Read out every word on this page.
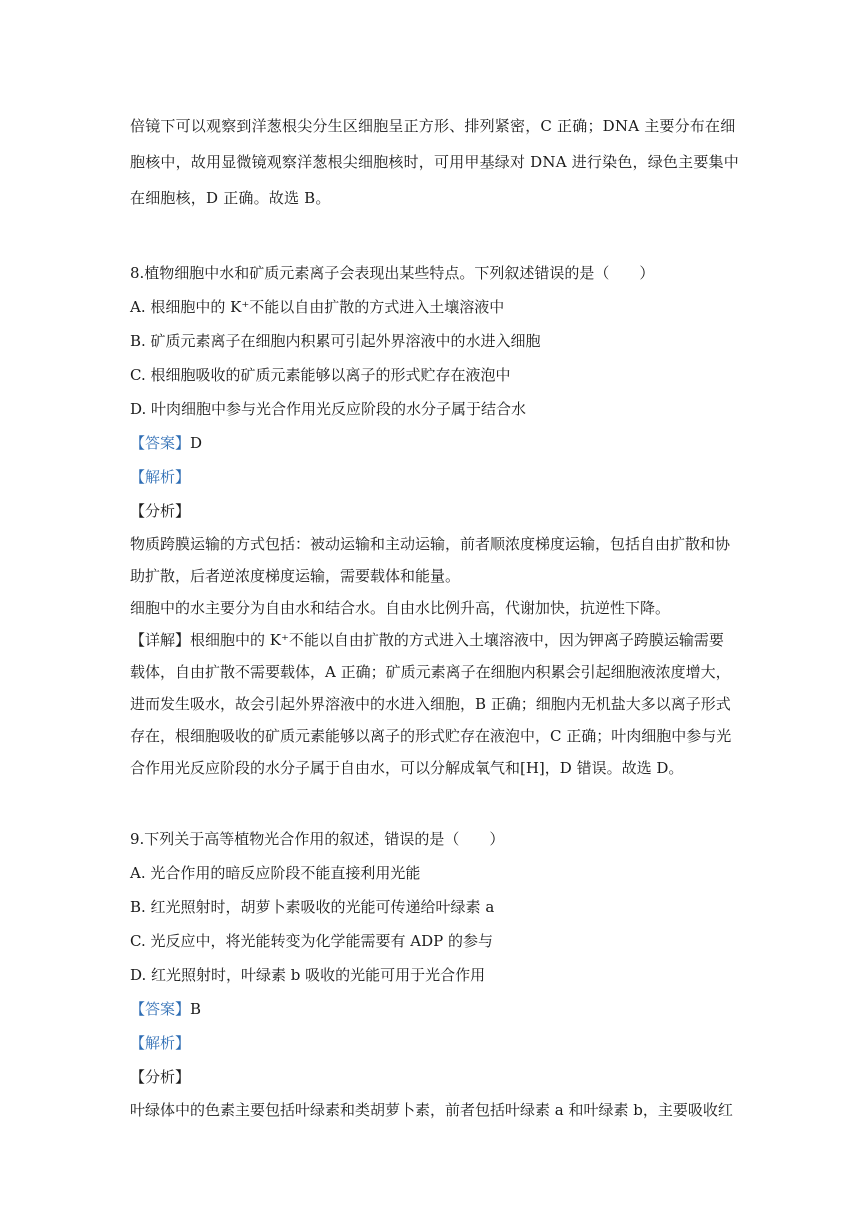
倍镜下可以观察到洋葱根尖分生区细胞呈正方形、排列紧密，C 正确；DNA 主要分布在细
胞核中，故用显微镜观察洋葱根尖细胞核时，可用甲基绿对 DNA 进行染色，绿色主要集中
在细胞核，D 正确。故选 B。
8.植物细胞中水和矿质元素离子会表现出某些特点。下列叙述错误的是（　　）
A. 根细胞中的 K⁺不能以自由扩散的方式进入土壤溶液中
B. 矿质元素离子在细胞内积累可引起外界溶液中的水进入细胞
C. 根细胞吸收的矿质元素能够以离子的形式贮存在液泡中
D. 叶肉细胞中参与光合作用光反应阶段的水分子属于结合水
【答案】D
【解析】
【分析】
物质跨膜运输的方式包括：被动运输和主动运输，前者顺浓度梯度运输，包括自由扩散和协
助扩散，后者逆浓度梯度运输，需要载体和能量。
细胞中的水主要分为自由水和结合水。自由水比例升高，代谢加快，抗逆性下降。
【详解】根细胞中的 K⁺不能以自由扩散的方式进入土壤溶液中，因为钾离子跨膜运输需要
载体，自由扩散不需要载体，A 正确；矿质元素离子在细胞内积累会引起细胞液浓度增大，
进而发生吸水，故会引起外界溶液中的水进入细胞，B 正确；细胞内无机盐大多以离子形式
存在，根细胞吸收的矿质元素能够以离子的形式贮存在液泡中，C 正确；叶肉细胞中参与光
合作用光反应阶段的水分子属于自由水，可以分解成氧气和[H]，D 错误。故选 D。
9.下列关于高等植物光合作用的叙述，错误的是（　　）
A. 光合作用的暗反应阶段不能直接利用光能
B. 红光照射时，胡萝卜素吸收的光能可传递给叶绿素 a
C. 光反应中，将光能转变为化学能需要有 ADP 的参与
D. 红光照射时，叶绿素 b 吸收的光能可用于光合作用
【答案】B
【解析】
【分析】
叶绿体中的色素主要包括叶绿素和类胡萝卜素，前者包括叶绿素 a 和叶绿素 b，主要吸收红
